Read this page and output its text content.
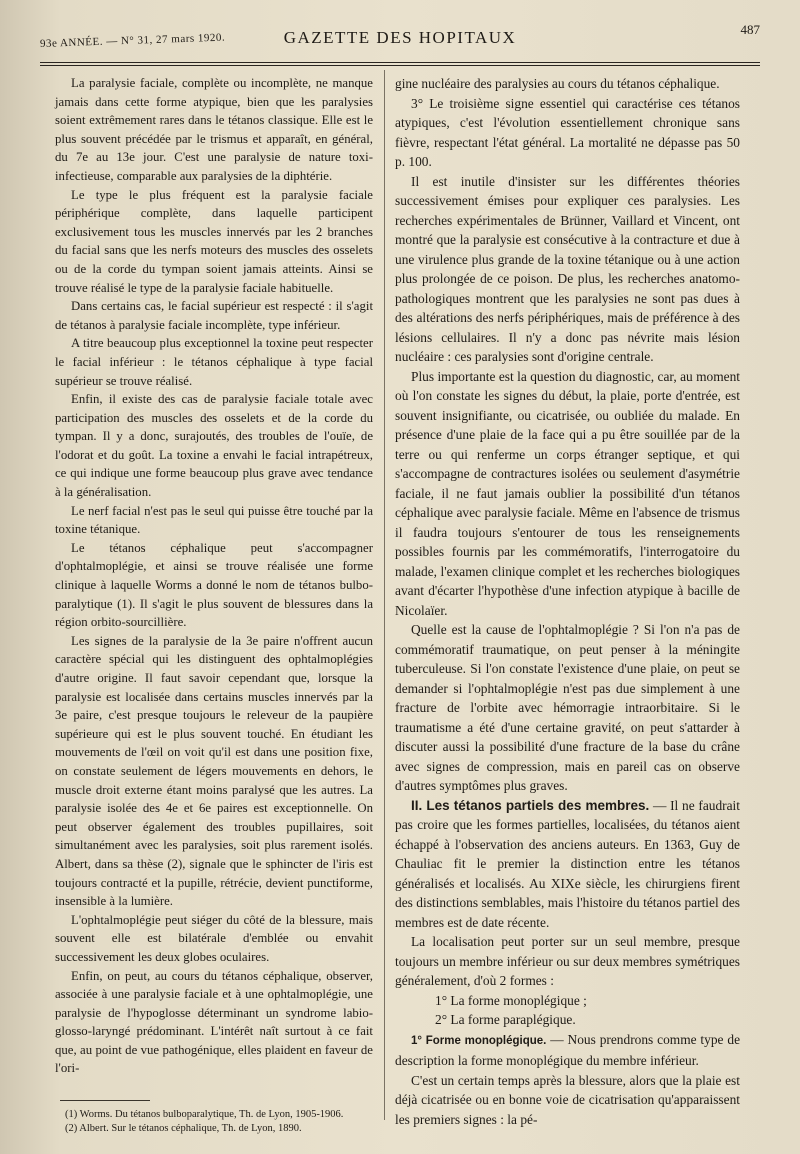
93e ANNÉE. — N° 31, 27 mars 1920.	GAZETTE DES HOPITAUX	487

La paralysie faciale, complète ou incomplète, ne manque jamais dans cette forme atypique, bien que les paralysies soient extrêmement rares dans le tétanos classique. Elle est le plus souvent précédée par le trismus et apparaît, en général, du 7e au 13e jour. C'est une paralysie de nature toxi-infectieuse, comparable aux paralysies de la diphtérie.

Le type le plus fréquent est la paralysie faciale périphérique complète, dans laquelle participent exclusivement tous les muscles innervés par les 2 branches du facial sans que les nerfs moteurs des muscles des osselets ou de la corde du tympan soient jamais atteints. Ainsi se trouve réalisé le type de la paralysie faciale habituelle.

Dans certains cas, le facial supérieur est respecté : il s'agit de tétanos à paralysie faciale incomplète, type inférieur.

A titre beaucoup plus exceptionnel la toxine peut respecter le facial inférieur : le tétanos céphalique à type facial supérieur se trouve réalisé.

Enfin, il existe des cas de paralysie faciale totale avec participation des muscles des osselets et de la corde du tympan. Il y a donc, surajoutés, des troubles de l'ouïe, de l'odorat et du goût. La toxine a envahi le facial intrapétreux, ce qui indique une forme beaucoup plus grave avec tendance à la généralisation.

Le nerf facial n'est pas le seul qui puisse être touché par la toxine tétanique.

Le tétanos céphalique peut s'accompagner d'ophtalmoplégie, et ainsi se trouve réalisée une forme clinique à laquelle Worms a donné le nom de tétanos bulbo-paralytique (1). Il s'agit le plus souvent de blessures dans la région orbito-sourcillière.

Les signes de la paralysie de la 3e paire n'offrent aucun caractère spécial qui les distinguent des ophtalmoplégies d'autre origine. Il faut savoir cependant que, lorsque la paralysie est localisée dans certains muscles innervés par la 3e paire, c'est presque toujours le releveur de la paupière supérieure qui est le plus souvent touché. En étudiant les mouvements de l'œil on voit qu'il est dans une position fixe, on constate seulement de légers mouvements en dehors, le muscle droit externe étant moins paralysé que les autres. La paralysie isolée des 4e et 6e paires est exceptionnelle. On peut observer également des troubles pupillaires, soit simultanément avec les paralysies, soit plus rarement isolés. Albert, dans sa thèse (2), signale que le sphincter de l'iris est toujours contracté et la pupille, rétrécie, devient punctiforme, insensible à la lumière.

L'ophtalmoplégie peut siéger du côté de la blessure, mais souvent elle est bilatérale d'emblée ou envahit successivement les deux globes oculaires.

Enfin, on peut, au cours du tétanos céphalique, observer, associée à une paralysie faciale et à une ophtalmoplégie, une paralysie de l'hypoglosse déterminant un syndrome labio-glosso-laryngé prédominant. L'intérêt naît surtout à ce fait que, au point de vue pathogénique, elles plaident en faveur de l'ori-

gine nucléaire des paralysies au cours du tétanos céphalique.

3° Le troisième signe essentiel qui caractérise ces tétanos atypiques, c'est l'évolution essentiellement chronique sans fièvre, respectant l'état général. La mortalité ne dépasse pas 50 p. 100.

Il est inutile d'insister sur les différentes théories successivement émises pour expliquer ces paralysies. Les recherches expérimentales de Brünner, Vaillard et Vincent, ont montré que la paralysie est consécutive à la contracture et due à une virulence plus grande de la toxine tétanique ou à une action plus prolongée de ce poison. De plus, les recherches anatomo-pathologiques montrent que les paralysies ne sont pas dues à des altérations des nerfs périphériques, mais de préférence à des lésions cellulaires. Il n'y a donc pas névrite mais lésion nucléaire : ces paralysies sont d'origine centrale.

Plus importante est la question du diagnostic, car, au moment où l'on constate les signes du début, la plaie, porte d'entrée, est souvent insignifiante, ou cicatrisée, ou oubliée du malade. En présence d'une plaie de la face qui a pu être souillée par de la terre ou qui renferme un corps étranger septique, et qui s'accompagne de contractures isolées ou seulement d'asymétrie faciale, il ne faut jamais oublier la possibilité d'un tétanos céphalique avec paralysie faciale. Même en l'absence de trismus il faudra toujours s'entourer de tous les renseignements possibles fournis par les commémoratifs, l'interrogatoire du malade, l'examen clinique complet et les recherches biologiques avant d'écarter l'hypothèse d'une infection atypique à bacille de Nicolaïer.

Quelle est la cause de l'ophtalmoplégie ? Si l'on n'a pas de commémoratif traumatique, on peut penser à la méningite tuberculeuse. Si l'on constate l'existence d'une plaie, on peut se demander si l'ophtalmoplégie n'est pas due simplement à une fracture de l'orbite avec hémorragie intraorbitaire. Si le traumatisme a été d'une certaine gravité, on peut s'attarder à discuter aussi la possibilité d'une fracture de la base du crâne avec signes de compression, mais en pareil cas on observe d'autres symptômes plus graves.

II. Les tétanos partiels des membres. — Il ne faudrait pas croire que les formes partielles, localisées, du tétanos aient échappé à l'observation des anciens auteurs. En 1363, Guy de Chauliac fit le premier la distinction entre les tétanos généralisés et localisés. Au XIXe siècle, les chirurgiens firent des distinctions semblables, mais l'histoire du tétanos partiel des membres est de date récente.

La localisation peut porter sur un seul membre, presque toujours un membre inférieur ou sur deux membres symétriques généralement, d'où 2 formes :

1° La forme monoplégique ;

2° La forme paraplégique.

1° Forme monoplégique. — Nous prendrons comme type de description la forme monoplégique du membre inférieur.

C'est un certain temps après la blessure, alors que la plaie est déjà cicatrisée ou en bonne voie de cicatrisation qu'apparaissent les premiers signes : la pé-

(1) Worms. Du tétanos bulboparalytique, Th. de Lyon, 1905-1906.

(2) Albert. Sur le tétanos céphalique, Th. de Lyon, 1890.
